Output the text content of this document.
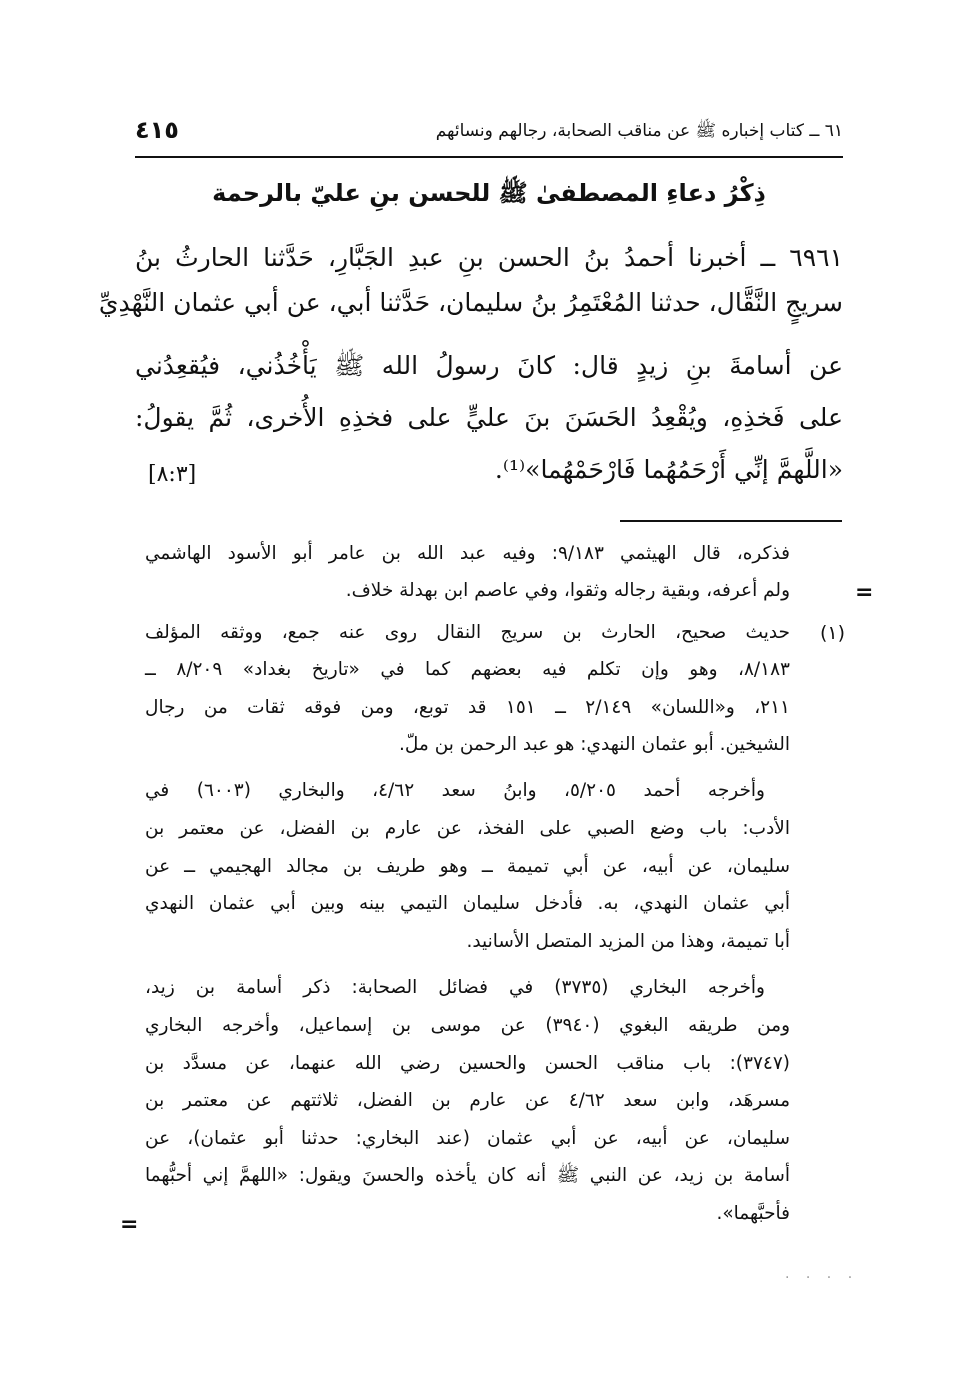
٦١ ــ كتاب إخباره ﷺ عن مناقب الصحابة، رجالهم ونسائهم
٤١٥
ذِكْرُ دعاءِ المصطفىٰ ﷺ للحسن بنِ عليّ بالرحمة
٦٩٦١ ــ أخبرنا أحمدُ بنُ الحسن بنِ عبدِ الجَبَّارِ، حَدَّثنا الحارثُ بنُ
سريجٍ النَّقَّال، حدثنا المُعْتَمِرُ بنُ سليمان، حَدَّثنا أبي، عن أبي عثمان النَّهْدِيِّ
عن أسامةَ بنِ زيدٍ قال: كانَ رسولُ الله ﷺ يَأْخُذُني، فيُقعِدُني
على فَخذِهِ، ويُقْعِدُ الحَسَنَ بنَ عليٍّ على فخذِهِ الأُخرى، ثُمَّ يقولُ:
«اللَّهمَّ إنِّي أَرْحَمُهُما فَارْحَمْهُما»⁽¹⁾.
[٨:٣]
فذكره، قال الهيثمي ٩/١٨٣: وفيه عبد الله بن عامر أبو الأسود الهاشمي
ولم أعرفه، وبقية رجاله وثقوا، وفي عاصم ابن بهدلة خلاف.	=
(١)
حديث صحيح، الحارث بن سريج النقال روى عنه جمع، ووثقه المؤلف
٨/١٨٣، وهو وإن تكلم فيه بعضهم كما في «تاريخ بغداد» ٨/٢٠٩ ــ
٢١١، و«اللسان» ٢/١٤٩ ــ ١٥١ قد توبع، ومن فوقه ثقات من رجال
الشيخين. أبو عثمان النهدي: هو عبد الرحمن بن ملّ.
وأخرجه أحمد ٥/٢٠٥، وابنُ سعد ٤/٦٢، والبخاري (٦٠٠٣) في
الأدب: باب وضع الصبي على الفخذ، عن عارم بن الفضل، عن معتمر بن
سليمان، عن أبيه، عن أبي تميمة ــ وهو طريف بن مجالد الهجيمي ــ عن
أبي عثمان النهدي، به. فأدخل سليمان التيمي بينه وبين أبي عثمان النهدي
أبا تميمة، وهذا من المزيد المتصل الأسانيد.
وأخرجه البخاري (٣٧٣٥) في فضائل الصحابة: ذكر أسامة بن زيد،
ومن طريقه البغوي (٣٩٤٠) عن موسى بن إسماعيل، وأخرجه البخاري
(٣٧٤٧): باب مناقب الحسن والحسين رضي الله عنهما، عن مسدَّد بن
مسرهَد، وابن سعد ٤/٦٢ عن عارم بن الفضل، ثلاثتهم عن معتمر بن
سليمان، عن أبيه، عن أبي عثمان (عند البخاري: حدثنا أبو عثمان)، عن
أسامة بن زيد، عن النبي ﷺ أنه كان يأخذه والحسنَ ويقول: «اللهمَّ إني أحبُّهما
فأحبَّهما».
=
· · · ·
